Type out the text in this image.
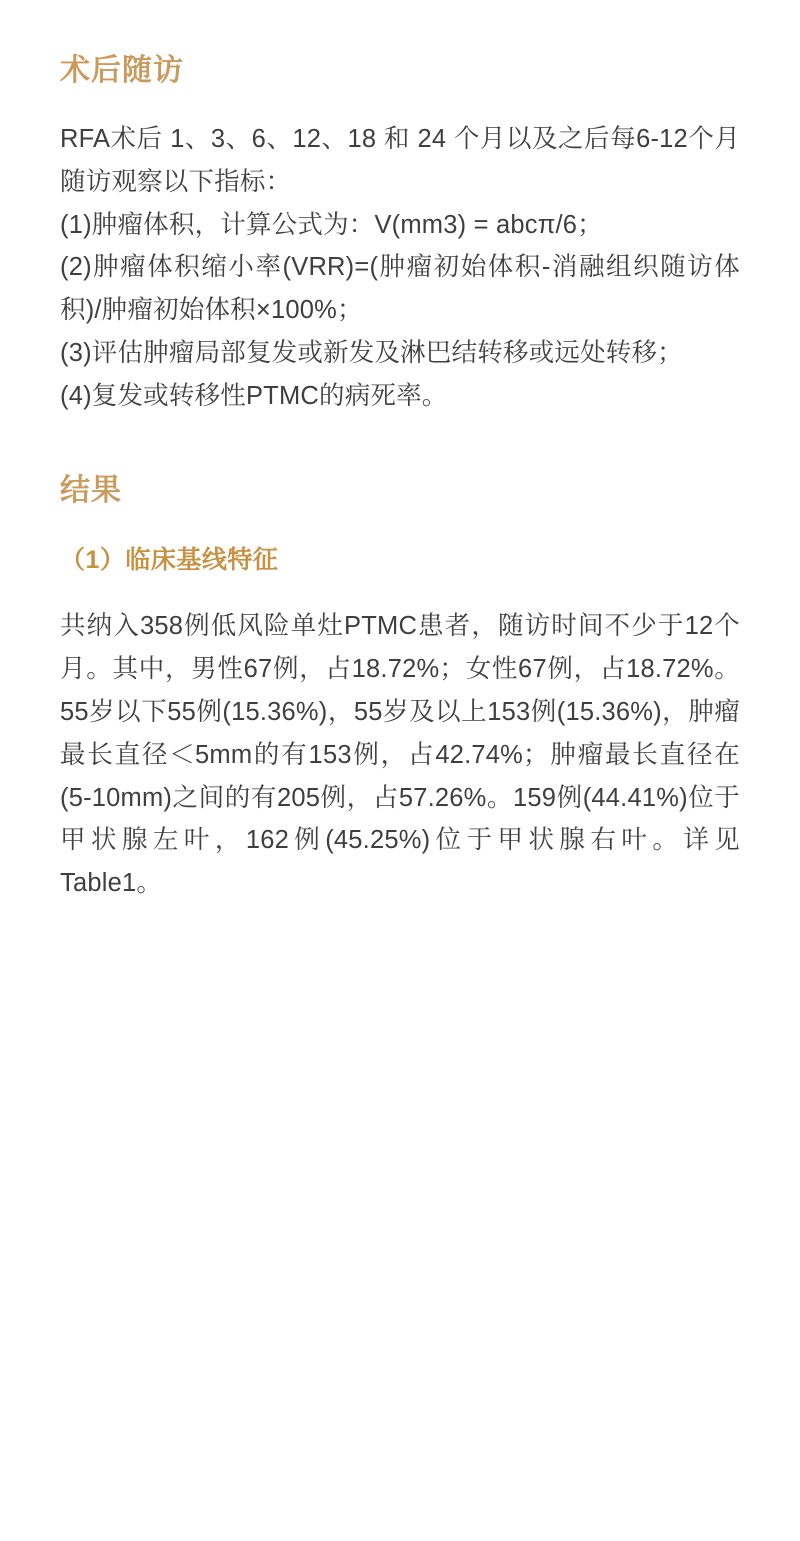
术后随访

RFA术后 1、3、6、12、18 和 24 个月以及之后每6-12个月随访观察以下指标：

(1)肿瘤体积，计算公式为：V(mm3) = abcπ/6；

(2)肿瘤体积缩小率(VRR)=(肿瘤初始体积-消融组织随访体积)/肿瘤初始体积×100%；

(3)评估肿瘤局部复发或新发及淋巴结转移或远处转移；

(4)复发或转移性PTMC的病死率。

结果
（1）临床基线特征

共纳入358例低风险单灶PTMC患者，随访时间不少于12个月。其中，男性67例，占18.72%；女性67例，占18.72%。55岁以下55例(15.36%)，55岁及以上153例(15.36%)，肿瘤最长直径＜5mm的有153例，占42.74%；肿瘤最长直径在(5-10mm)之间的有205例，占57.26%。159例(44.41%)位于甲状腺左叶，162例(45.25%)位于甲状腺右叶。详见Table1。
